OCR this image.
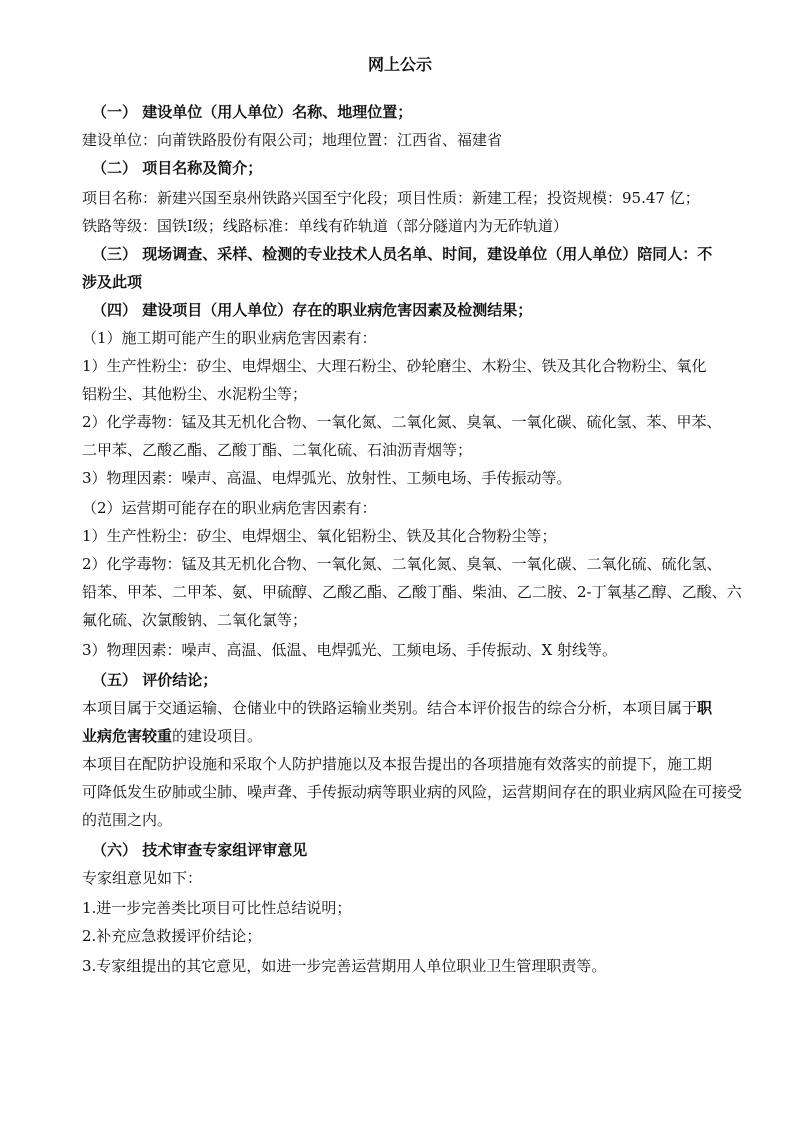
网上公示
（一） 建设单位（用人单位）名称、地理位置；
建设单位：向莆铁路股份有限公司；地理位置：江西省、福建省
（二） 项目名称及简介；
项目名称：新建兴国至泉州铁路兴国至宁化段；项目性质：新建工程；投资规模：95.47 亿；
铁路等级：国铁Ⅰ级；线路标准：单线有砟轨道（部分隧道内为无砟轨道）
（三） 现场调查、采样、检测的专业技术人员名单、时间，建设单位（用人单位）陪同人：不
涉及此项
（四） 建设项目（用人单位）存在的职业病危害因素及检测结果；
（1）施工期可能产生的职业病危害因素有：
1）生产性粉尘：矽尘、电焊烟尘、大理石粉尘、砂轮磨尘、木粉尘、铁及其化合物粉尘、氧化
铝粉尘、其他粉尘、水泥粉尘等；
2）化学毒物：锰及其无机化合物、一氧化氮、二氧化氮、臭氧、一氧化碳、硫化氢、苯、甲苯、
二甲苯、乙酸乙酯、乙酸丁酯、二氧化硫、石油沥青烟等；
3）物理因素：噪声、高温、电焊弧光、放射性、工频电场、手传振动等。
（2）运营期可能存在的职业病危害因素有：
1）生产性粉尘：矽尘、电焊烟尘、氧化铝粉尘、铁及其化合物粉尘等；
2）化学毒物：锰及其无机化合物、一氧化氮、二氧化氮、臭氧、一氧化碳、二氧化硫、硫化氢、
铅苯、甲苯、二甲苯、氨、甲硫醇、乙酸乙酯、乙酸丁酯、柴油、乙二胺、2-丁氧基乙醇、乙酸、六
氟化硫、次氯酸钠、二氧化氯等；
3）物理因素：噪声、高温、低温、电焊弧光、工频电场、手传振动、X 射线等。
（五） 评价结论；
本项目属于交通运输、仓储业中的铁路运输业类别。结合本评价报告的综合分析，本项目属于职
业病危害较重的建设项目。
本项目在配防护设施和采取个人防护措施以及本报告提出的各项措施有效落实的前提下，施工期
可降低发生矽肺或尘肺、噪声聋、手传振动病等职业病的风险，运营期间存在的职业病风险在可接受
的范围之内。
（六） 技术审查专家组评审意见
专家组意见如下：
1.进一步完善类比项目可比性总结说明；
2.补充应急救援评价结论；
3.专家组提出的其它意见，如进一步完善运营期用人单位职业卫生管理职责等。
